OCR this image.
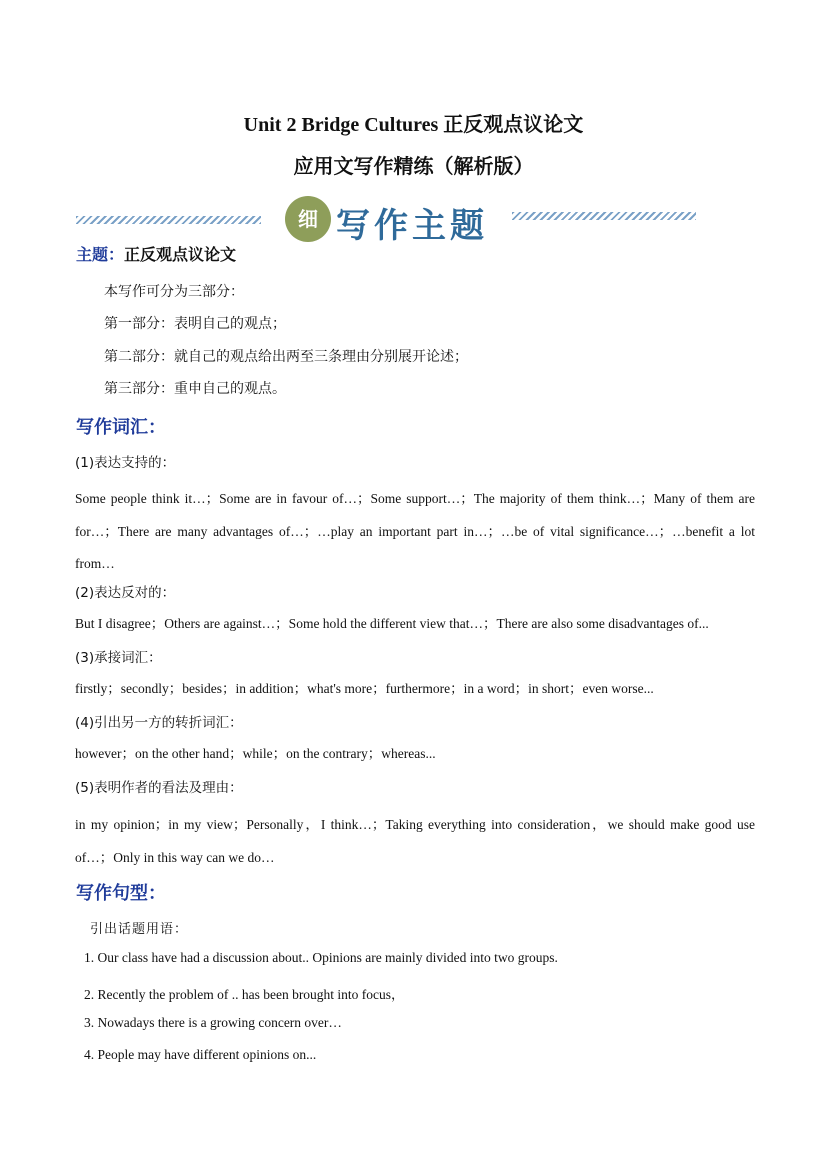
Unit 2 Bridge Cultures 正反观点议论文
应用文写作精练（解析版）
细 写作主题
主题：正反观点议论文
本写作可分为三部分：
第一部分：表明自己的观点；
第二部分：就自己的观点给出两至三条理由分别展开论述；
第三部分：重申自己的观点。
写作词汇：
(1)表达支持的：
Some people think it…；Some are in favour of…；Some support…；The majority of them think…；Many of them are for…；There are many advantages of…；…play an important part in…；…be of vital significance…；…benefit a lot from…
(2)表达反对的：
But I disagree；Others are against…；Some hold the different view that…；There are also some disadvantages of...
(3)承接词汇：
firstly；secondly；besides；in addition；what's more；furthermore；in a word；in short；even worse...
(4)引出另一方的转折词汇：
however；on the other hand；while；on the contrary；whereas...
(5)表明作者的看法及理由：
in my opinion；in my view；Personally，I think…；Taking everything into consideration，we should make good use of…；Only in this way can we do…
写作句型：
引出话题用语：
1. Our class have had a discussion about.. Opinions are mainly divided into two groups.
2. Recently the problem of .. has been brought into focus，
3. Nowadays there is a growing concern over…
4. People may have different opinions on...
